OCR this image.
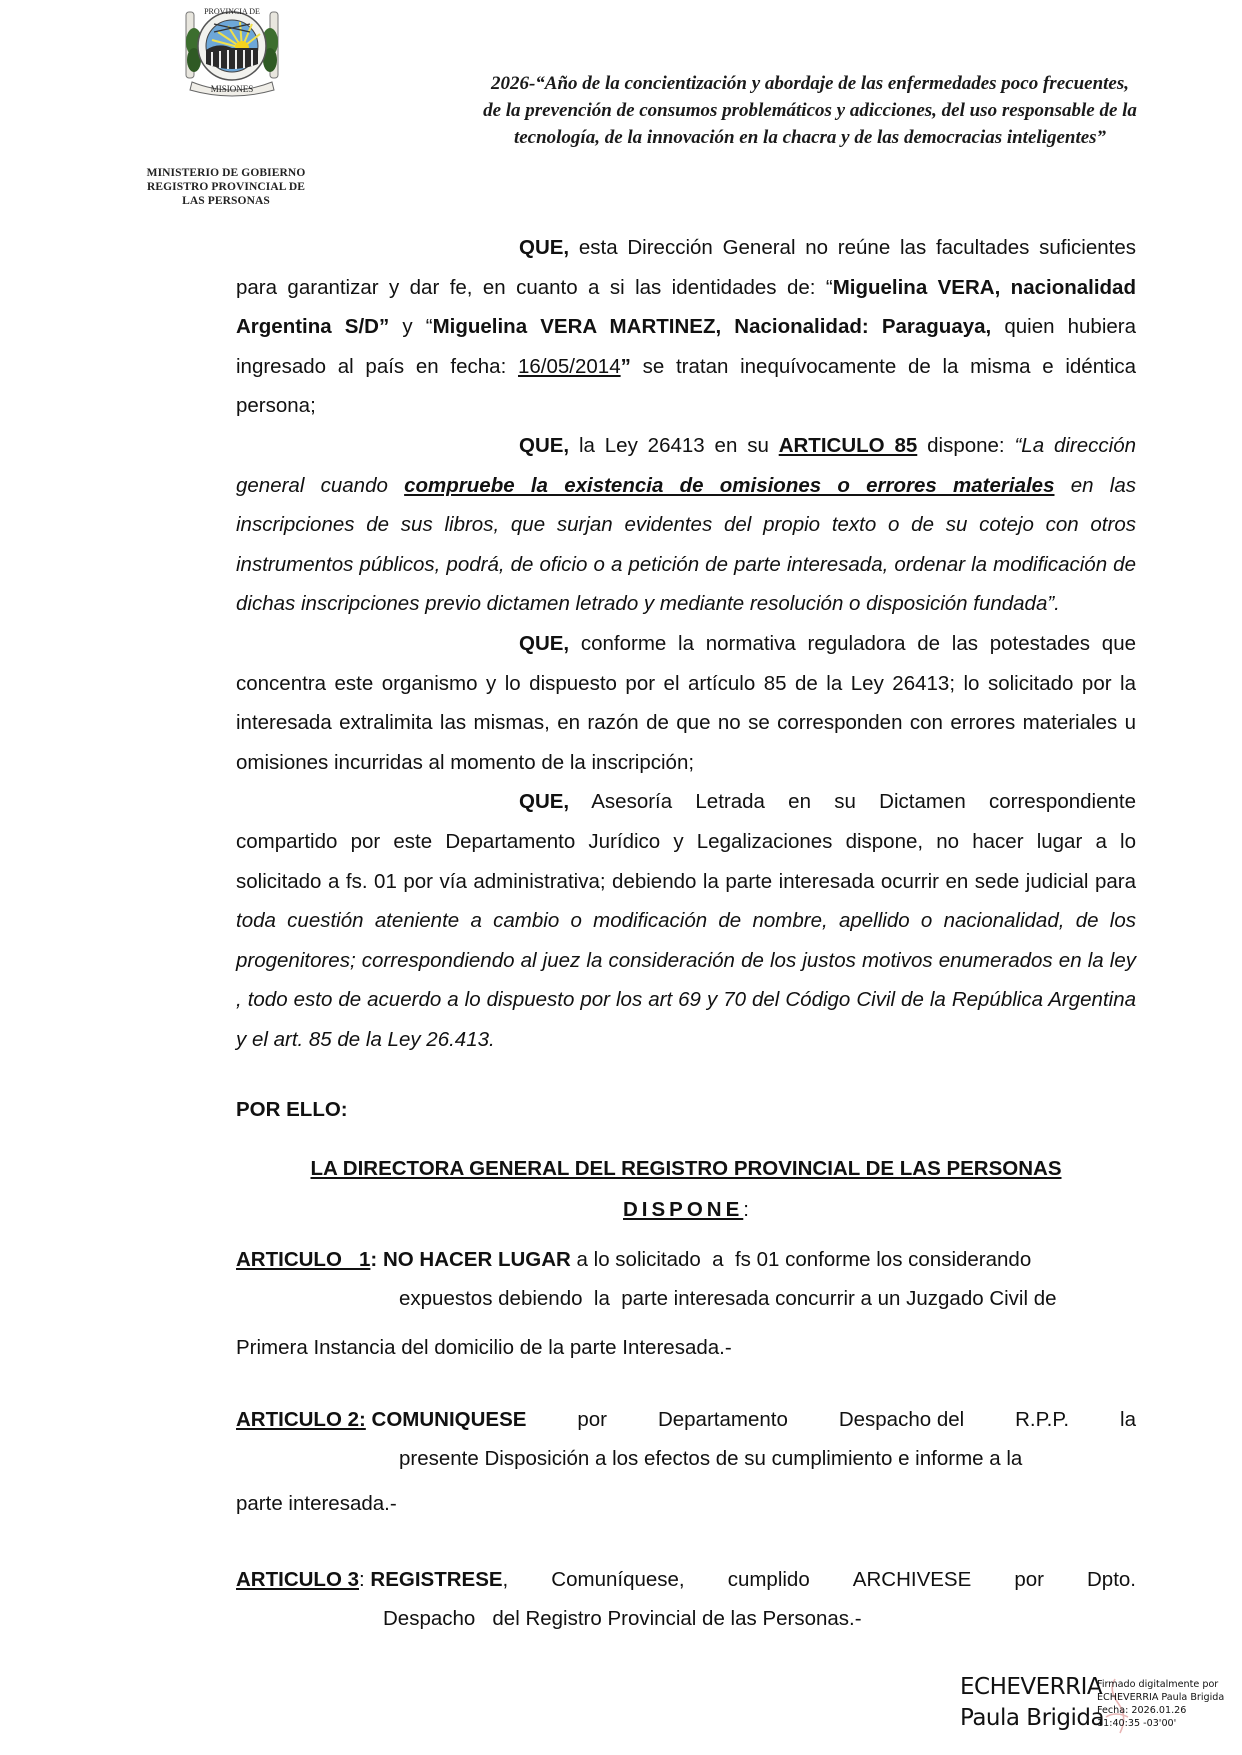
MISIONES
PROVINCIA DE
MINISTERIO DE GOBIERNO
REGISTRO PROVINCIAL DE
LAS PERSONAS
2026-“Año de la concientización y abordaje de las enfermedades poco frecuentes,
de la prevención de consumos problemáticos y adicciones, del uso responsable de la
tecnología, de la innovación en la chacra y de las democracias inteligentes”

QUE, esta Dirección General no reúne las facultades suficientes para garantizar y dar fe, en cuanto a si las identidades de: “Miguelina VERA, nacionalidad Argentina S/D” y “Miguelina VERA MARTINEZ, Nacionalidad: Paraguaya, quien hubiera ingresado al país en fecha: 16/05/2014” se tratan inequívocamente de la misma e idéntica persona;

QUE, la Ley 26413 en su ARTICULO 85 dispone: “La dirección general cuando compruebe la existencia de omisiones o errores materiales en las inscripciones de sus libros, que surjan evidentes del propio texto o de su cotejo con otros instrumentos públicos, podrá, de oficio o a petición de parte interesada, ordenar la modificación de dichas inscripciones previo dictamen letrado y mediante resolución o disposición fundada”.

QUE, conforme la normativa reguladora de las potestades que concentra este organismo y lo dispuesto por el artículo 85 de la Ley 26413; lo solicitado por la interesada extralimita las mismas, en razón de que no se corresponden con errores materiales u omisiones incurridas al momento de la inscripción;

QUE, Asesoría Letrada en su Dictamen correspondiente compartido por este Departamento Jurídico y Legalizaciones dispone, no hacer lugar a lo solicitado a fs. 01 por vía administrativa; debiendo la parte interesada ocurrir en sede judicial para toda cuestión ateniente a cambio o modificación de nombre, apellido o nacionalidad, de los progenitores; correspondiendo al juez la consideración de los justos motivos enumerados en la ley , todo esto de acuerdo a lo dispuesto por los art 69 y 70 del Código Civil de la República Argentina y el art. 85 de la Ley 26.413.

POR ELLO:
LA DIRECTORA GENERAL DEL REGISTRO PROVINCIAL DE LAS PERSONAS
DISPONE:
ARTICULO   1: NO HACER LUGAR a lo solicitado  a  fs 01 conforme los considerando
expuestos debiendo  la  parte interesada concurrir a un Juzgado Civil de
Primera Instancia del domicilio de la parte Interesada.-
ARTICULO 2: COMUNIQUESE por Departamento Despacho del R.P.P. la
presente Disposición a los efectos de su cumplimiento e informe a la
parte interesada.-
ARTICULO 3: REGISTRESE, Comuníquese, cumplido ARCHIVESE por Dpto.
Despacho   del Registro Provincial de las Personas.-
ECHEVERRIA
Paula Brigida
Firmado digitalmente por
ECHEVERRIA Paula Brigida
Fecha: 2026.01.26
11:40:35 -03'00'
